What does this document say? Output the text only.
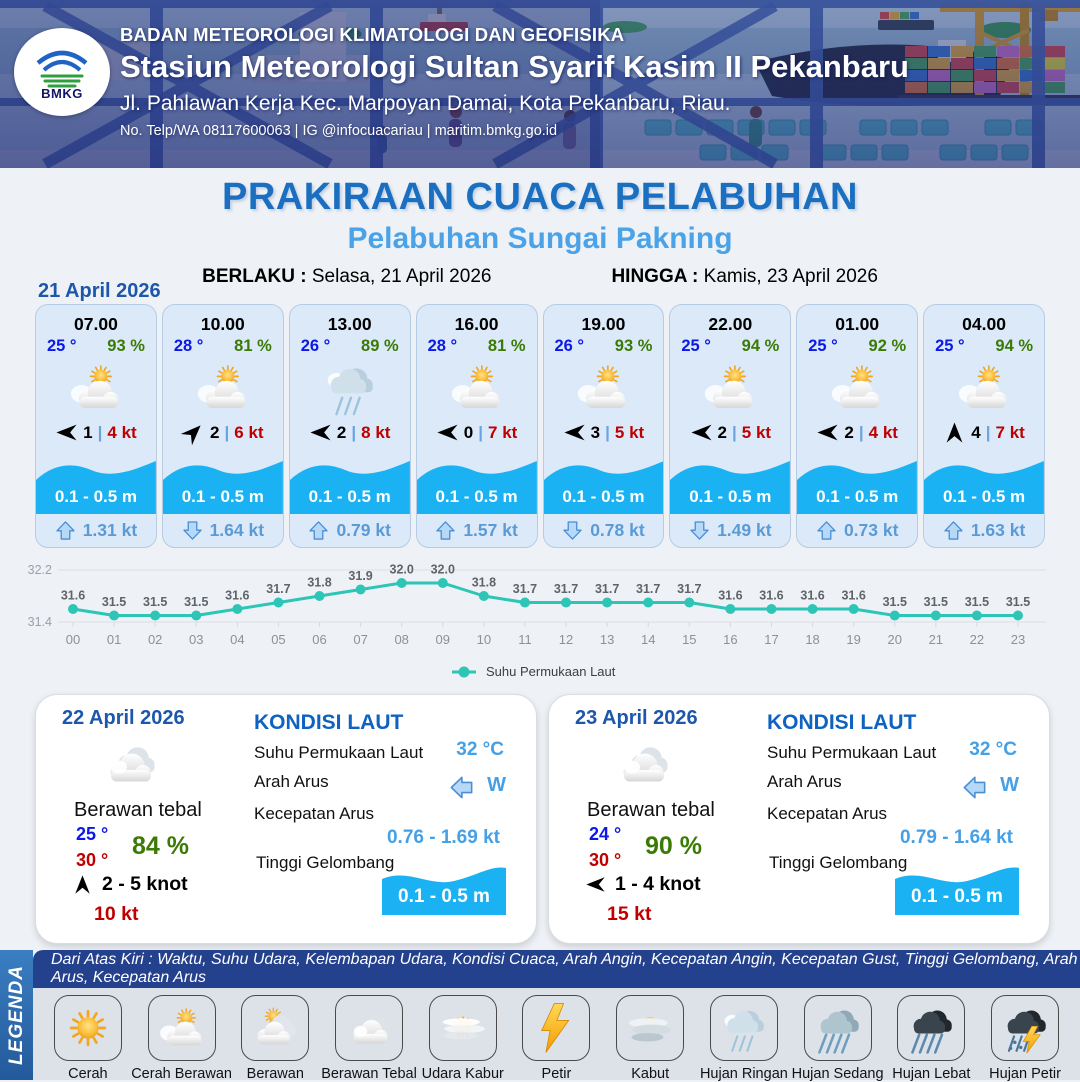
BMKG
BADAN METEOROLOGI KLIMATOLOGI DAN GEOFISIKA
Stasiun Meteorologi Sultan Syarif Kasim II Pekanbaru
Jl. Pahlawan Kerja Kec. Marpoyan Damai, Kota Pekanbaru, Riau.
No. Telp/WA 08117600063 | IG @infocuacariau | maritim.bmkg.go.id
PRAKIRAAN CUACA PELABUHAN
Pelabuhan Sungai Pakning
BERLAKU : Selasa, 21 April 2026	HINGGA : Kamis, 23 April 2026
21 April 2026
07.00
25 ° 93 %
1 | 4 kt
0.1 - 0.5 m
1.31 kt
10.00
28 ° 81 %
2 | 6 kt
0.1 - 0.5 m
1.64 kt
13.00
26 ° 89 %
2 | 8 kt
0.1 - 0.5 m
0.79 kt
16.00
28 ° 81 %
0 | 7 kt
0.1 - 0.5 m
1.57 kt
19.00
26 ° 93 %
3 | 5 kt
0.1 - 0.5 m
0.78 kt
22.00
25 ° 94 %
2 | 5 kt
0.1 - 0.5 m
1.49 kt
01.00
25 ° 92 %
2 | 4 kt
0.1 - 0.5 m
0.73 kt
04.00
25 ° 94 %
4 | 7 kt
0.1 - 0.5 m
1.63 kt
32.2
31.4
31.6
00
31.5
01
31.5
02
31.5
03
31.6
04
31.7
05
31.8
06
31.9
07
32.0
08
32.0
09
31.8
10
31.7
11
31.7
12
31.7
13
31.7
14
31.7
15
31.6
16
31.6
17
31.6
18
31.6
19
31.5
20
31.5
21
31.5
22
31.5
23
Suhu Permukaan Laut
22 April 2026
Berawan tebal
25 °
30 ° 84 %
2 - 5 knot
10 kt
KONDISI LAUT
Suhu Permukaan Laut 32 °C
Arah Arus	W
Kecepatan Arus
0.76 - 1.69 kt
Tinggi Gelombang
0.1 - 0.5 m
23 April 2026
Berawan tebal
24 °
30 ° 90 %
1 - 4 knot
15 kt
KONDISI LAUT
Suhu Permukaan Laut 32 °C
Arah Arus	W
Kecepatan Arus
0.79 - 1.64 kt
Tinggi Gelombang
0.1 - 0.5 m
LEGENDA
Dari Atas Kiri : Waktu, Suhu Udara, Kelembapan Udara, Kondisi Cuaca, Arah Angin, Kecepatan Angin, Kecepatan Gust, Tinggi Gelombang, Arah Arus, Kecepatan Arus
Cerah Cerah Berawan Berawan Berawan Tebal Udara Kabur	Petir	Kabut Hujan Ringan Hujan Sedang Hujan Lebat Hujan Petir
